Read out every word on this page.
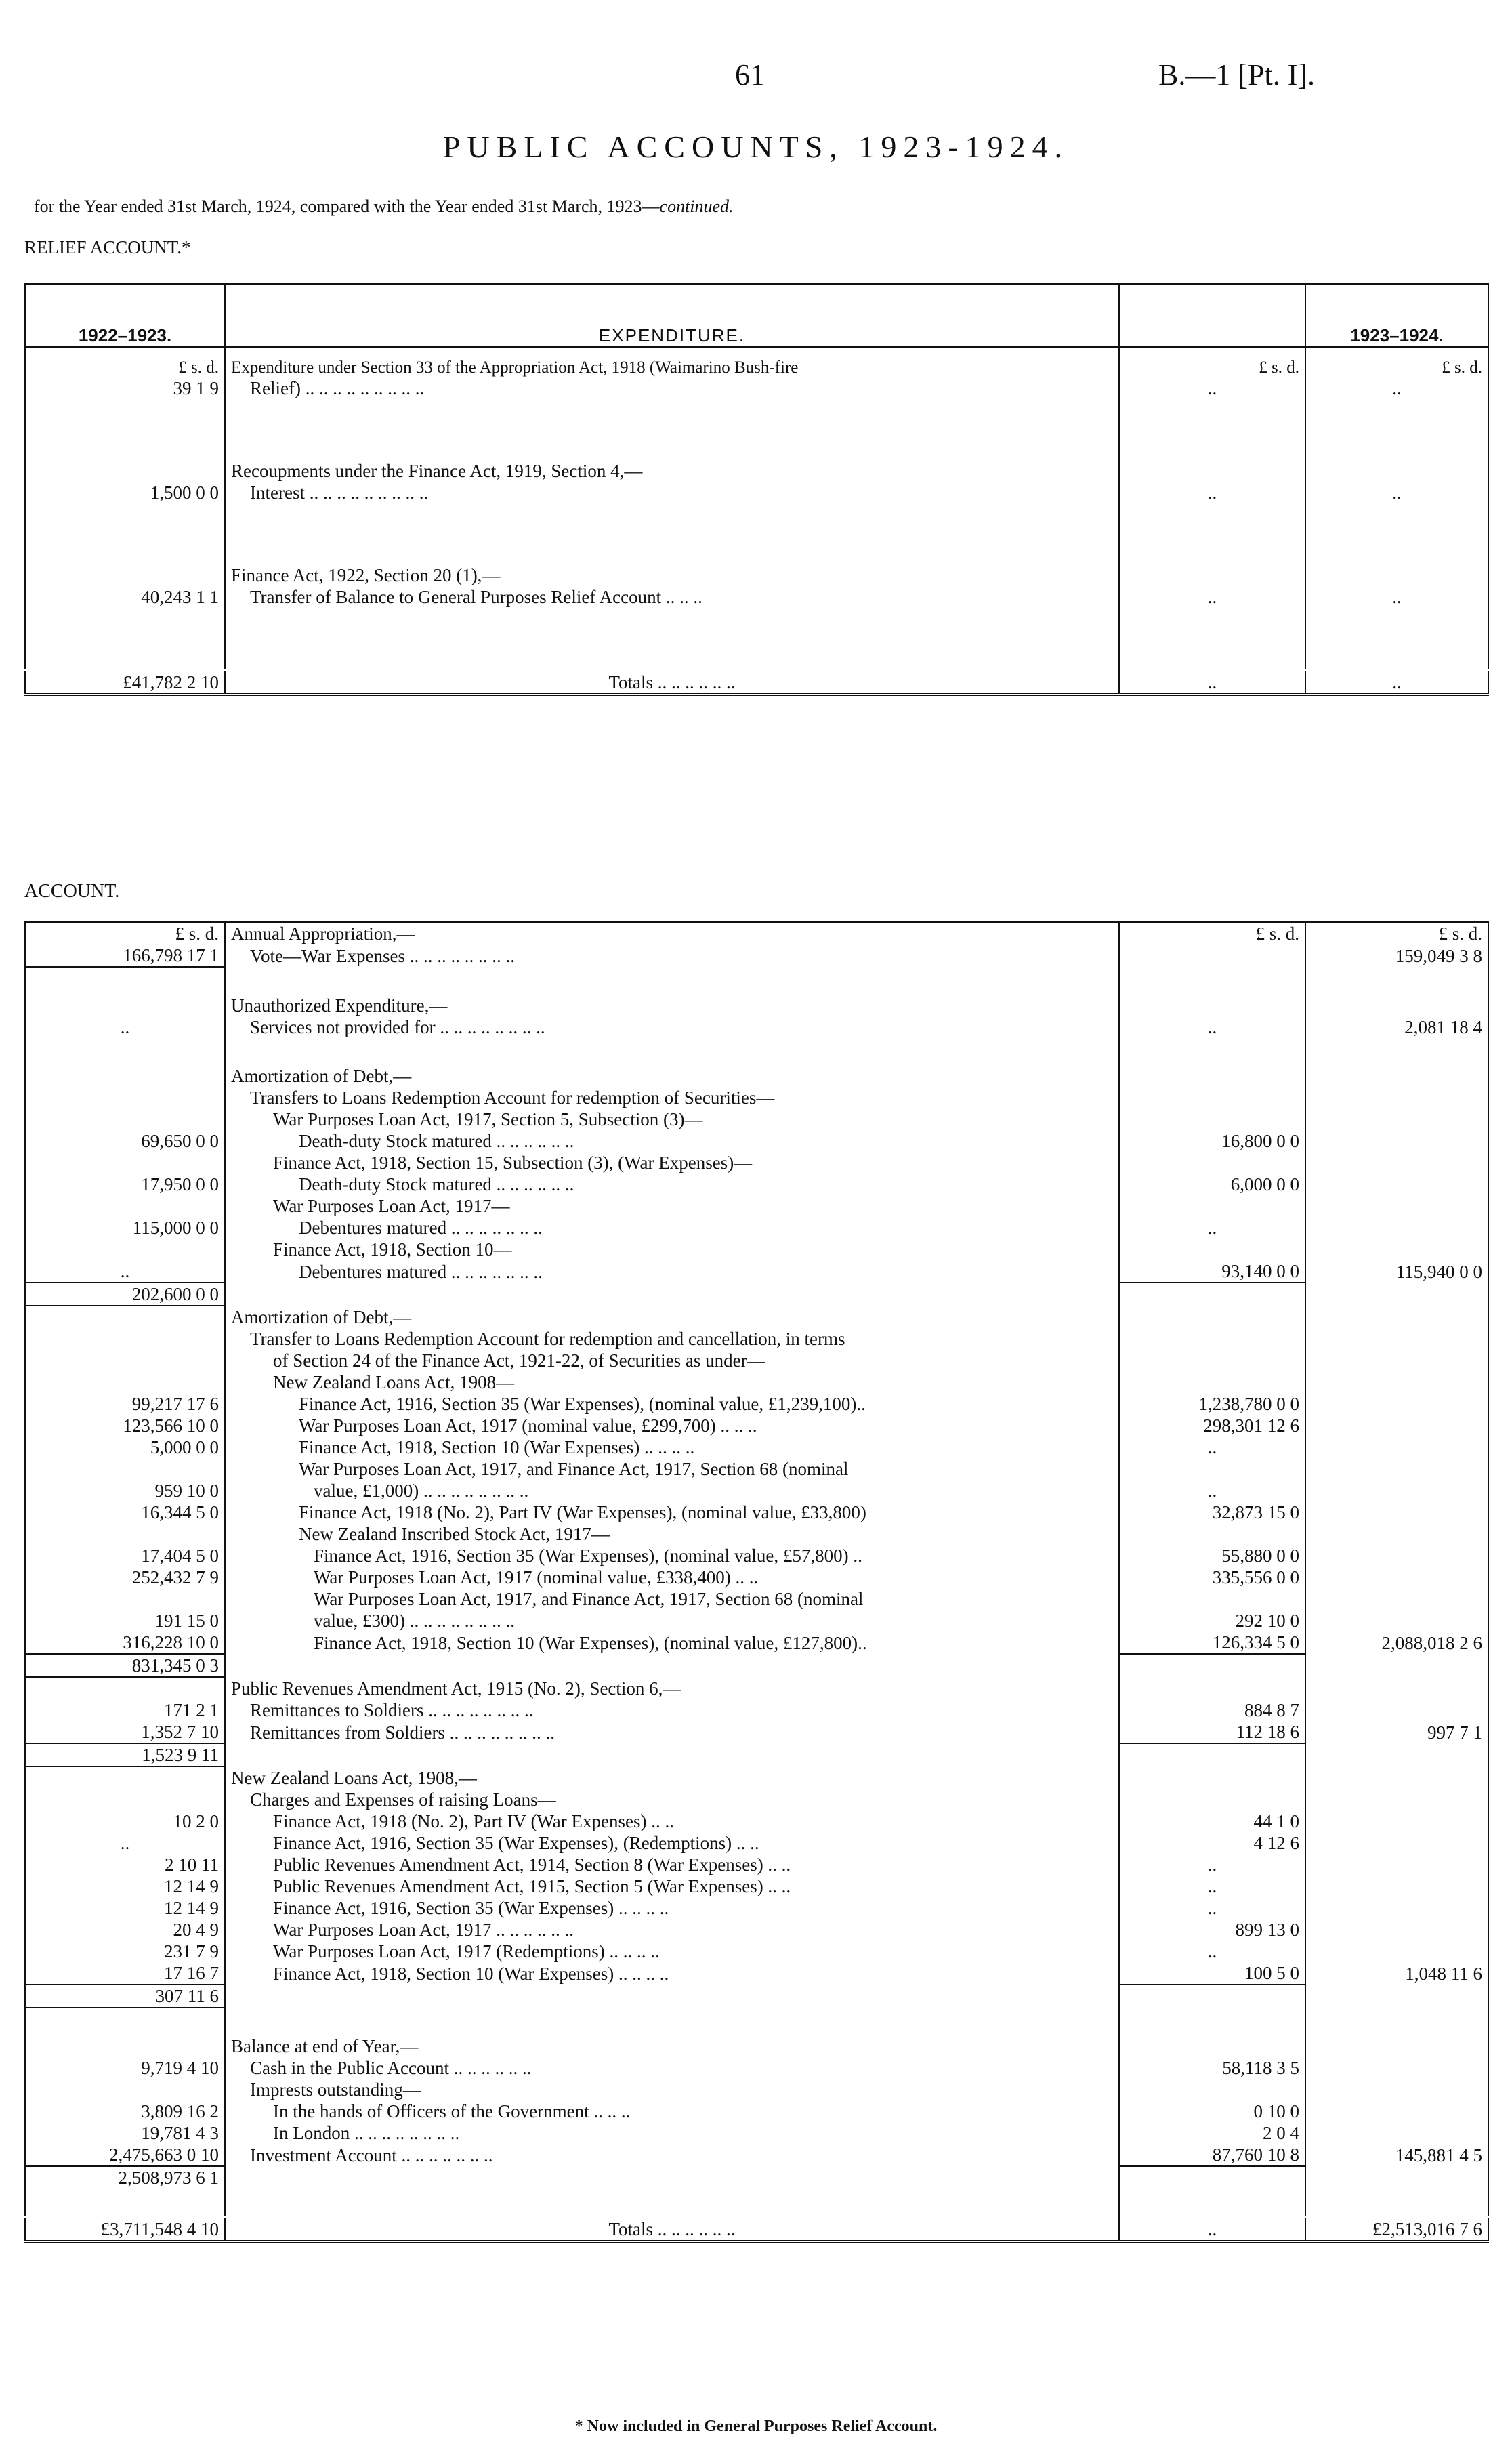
61	B.—1 [Pt. I].
PUBLIC ACCOUNTS, 1923-1924.
for the Year ended 31st March, 1924, compared with the Year ended 31st March, 1923—continued.
RELIEF ACCOUNT.*
1922–1923.	EXPENDITURE.		1923–1924.
£ s. d.	Expenditure under Section 33 of the Appropriation Act, 1918 (Waimarino Bush-fire	£ s. d.	£ s. d.
39 1 9	Relief) .. .. .. .. .. .. .. .. ..	..	..

	Recoupments under the Finance Act, 1919, Section 4,—		
1,500 0 0	Interest .. .. .. .. .. .. .. .. ..	..	..

	Finance Act, 1922, Section 20 (1),—		
40,243 1 1	Transfer of Balance to General Purposes Relief Account .. .. ..	..	..

£41,782 2 10	Totals .. .. .. .. .. ..	..	..
ACCOUNT.
£ s. d.	Annual Appropriation,—	£ s. d.	£ s. d.
166,798 17 1	Vote—War Expenses .. .. .. .. .. .. .. ..		159,049 3 8

	Unauthorized Expenditure,—		
..	Services not provided for .. .. .. .. .. .. .. ..	..	2,081 18 4

	Amortization of Debt,—		
	Transfers to Loans Redemption Account for redemption of Securities—		
	War Purposes Loan Act, 1917, Section 5, Subsection (3)—		
69,650 0 0	Death-duty Stock matured .. .. .. .. .. ..	16,800 0 0	
	Finance Act, 1918, Section 15, Subsection (3), (War Expenses)—		
17,950 0 0	Death-duty Stock matured .. .. .. .. .. ..	6,000 0 0	
	War Purposes Loan Act, 1917—		
115,000 0 0	Debentures matured .. .. .. .. .. .. ..	..	
	Finance Act, 1918, Section 10—		
..	Debentures matured .. .. .. .. .. .. ..	93,140 0 0	115,940 0 0
202,600 0 0			
	Amortization of Debt,—		
	Transfer to Loans Redemption Account for redemption and cancellation, in terms		
	of Section 24 of the Finance Act, 1921-22, of Securities as under—		
	New Zealand Loans Act, 1908—		
99,217 17 6	Finance Act, 1916, Section 35 (War Expenses), (nominal value, £1,239,100)..	1,238,780 0 0	
123,566 10 0	War Purposes Loan Act, 1917 (nominal value, £299,700) .. .. ..	298,301 12 6	
5,000 0 0	Finance Act, 1918, Section 10 (War Expenses) .. .. .. ..	..	
	War Purposes Loan Act, 1917, and Finance Act, 1917, Section 68 (nominal		
959 10 0	value, £1,000) .. .. .. .. .. .. .. ..	..	
16,344 5 0	Finance Act, 1918 (No. 2), Part IV (War Expenses), (nominal value, £33,800)	32,873 15 0	
	New Zealand Inscribed Stock Act, 1917—		
17,404 5 0	Finance Act, 1916, Section 35 (War Expenses), (nominal value, £57,800) ..	55,880 0 0	
252,432 7 9	War Purposes Loan Act, 1917 (nominal value, £338,400) .. ..	335,556 0 0	
	War Purposes Loan Act, 1917, and Finance Act, 1917, Section 68 (nominal		
191 15 0	value, £300) .. .. .. .. .. .. .. ..	292 10 0	
316,228 10 0	Finance Act, 1918, Section 10 (War Expenses), (nominal value, £127,800)..	126,334 5 0	2,088,018 2 6
831,345 0 3			
	Public Revenues Amendment Act, 1915 (No. 2), Section 6,—		
171 2 1	Remittances to Soldiers .. .. .. .. .. .. .. ..	884 8 7	
1,352 7 10	Remittances from Soldiers .. .. .. .. .. .. .. ..	112 18 6	997 7 1
1,523 9 11			
	New Zealand Loans Act, 1908,—		
	Charges and Expenses of raising Loans—		
10 2 0	Finance Act, 1918 (No. 2), Part IV (War Expenses) .. ..	44 1 0	
..	Finance Act, 1916, Section 35 (War Expenses), (Redemptions) .. ..	4 12 6	
2 10 11	Public Revenues Amendment Act, 1914, Section 8 (War Expenses) .. ..	..	
12 14 9	Public Revenues Amendment Act, 1915, Section 5 (War Expenses) .. ..	..	
12 14 9	Finance Act, 1916, Section 35 (War Expenses) .. .. .. ..	..	
20 4 9	War Purposes Loan Act, 1917 .. .. .. .. .. ..	899 13 0	
231 7 9	War Purposes Loan Act, 1917 (Redemptions) .. .. .. ..	..	
17 16 7	Finance Act, 1918, Section 10 (War Expenses) .. .. .. ..	100 5 0	1,048 11 6
307 11 6			

	Balance at end of Year,—		
9,719 4 10	Cash in the Public Account .. .. .. .. .. ..	58,118 3 5	
	Imprests outstanding—		
3,809 16 2	In the hands of Officers of the Government .. .. ..	0 10 0	
19,781 4 3	In London .. .. .. .. .. .. .. ..	2 0 4	
2,475,663 0 10	Investment Account .. .. .. .. .. .. ..	87,760 10 8	145,881 4 5
2,508,973 6 1			

£3,711,548 4 10	Totals .. .. .. .. .. ..	..	£2,513,016 7 6
* Now included in General Purposes Relief Account.
